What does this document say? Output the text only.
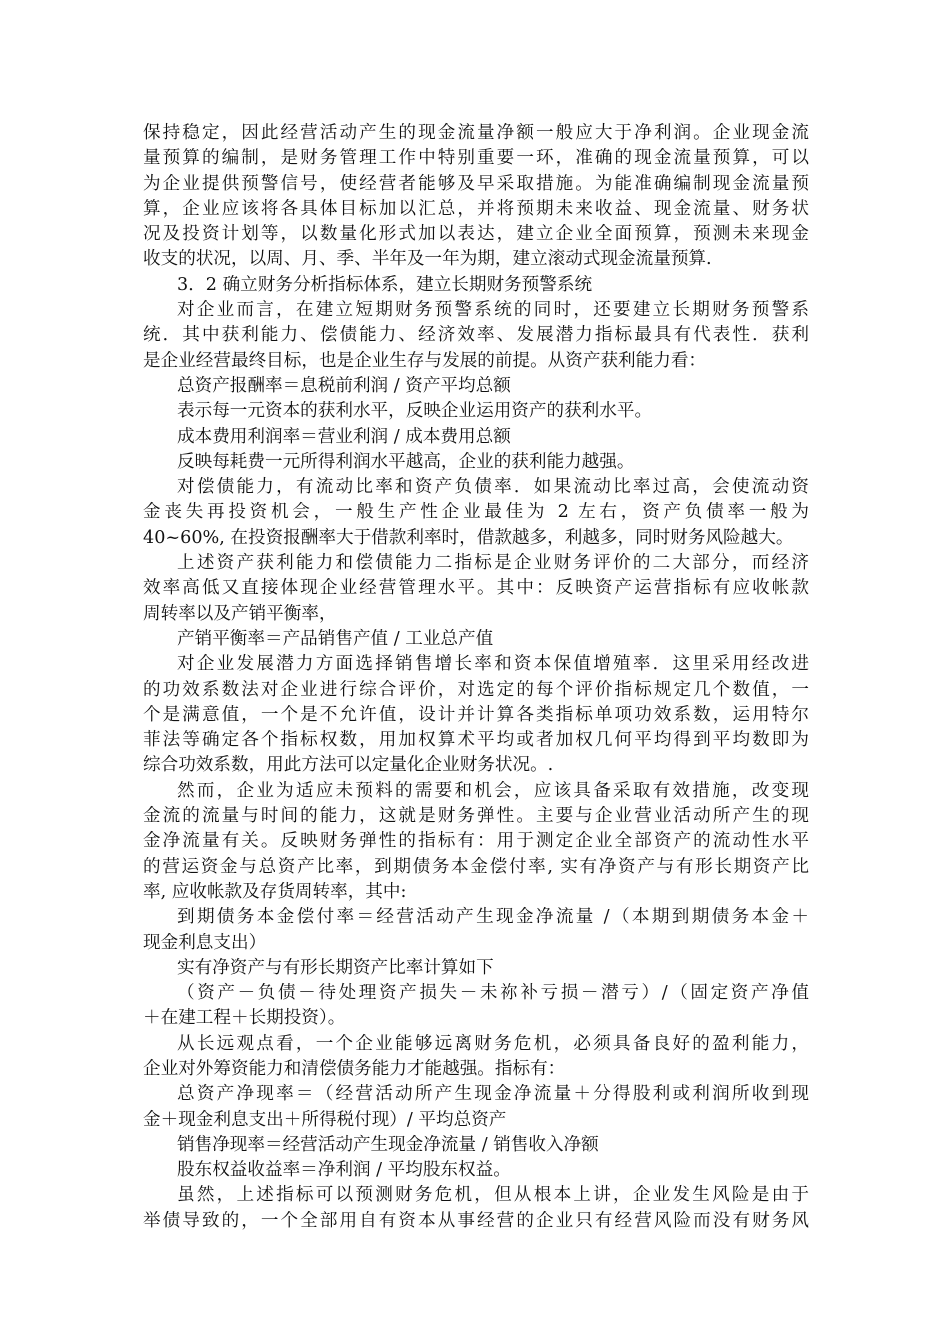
保持稳定，因此经营活动产生的现金流量净额一般应大于净利润。企业现金流
量预算的编制，是财务管理工作中特别重要一环，准确的现金流量预算，可以
为企业提供预警信号，使经营者能够及早采取措施。为能准确编制现金流量预
算，企业应该将各具体目标加以汇总，并将预期未来收益、现金流量、财务状
况及投资计划等，以数量化形式加以表达，建立企业全面预算，预测未来现金
收支的状况，以周、月、季、半年及一年为期，建立滚动式现金流量预算.

3．2 确立财务分析指标体系，建立长期财务预警系统

对企业而言，在建立短期财务预警系统的同时，还要建立长期财务预警系
统．其中获利能力、偿债能力、经济效率、发展潜力指标最具有代表性．获利
是企业经营最终目标，也是企业生存与发展的前提。从资产获利能力看：

总资产报酬率＝息税前利润 / 资产平均总额

表示每一元资本的获利水平，反映企业运用资产的获利水平。

成本费用利润率＝营业利润 / 成本费用总额

反映每耗费一元所得利润水平越高，企业的获利能力越强。

对偿债能力，有流动比率和资产负债率．如果流动比率过高，会使流动资
金丧失再投资机会，一般生产性企业最佳为 2 左右，资产负债率一般为
40~60%, 在投资报酬率大于借款利率时，借款越多，利越多，同时财务风险越大。

上述资产获利能力和偿债能力二指标是企业财务评价的二大部分，而经济
效率高低又直接体现企业经营管理水平。其中：反映资产运营指标有应收帐款
周转率以及产销平衡率，

产销平衡率＝产品销售产值 / 工业总产值

对企业发展潜力方面选择销售增长率和资本保值增殖率．这里采用经改进
的功效系数法对企业进行综合评价，对选定的每个评价指标规定几个数值，一
个是满意值，一个是不允许值，设计并计算各类指标单项功效系数，运用特尔
菲法等确定各个指标权数，用加权算术平均或者加权几何平均得到平均数即为
综合功效系数，用此方法可以定量化企业财务状况。.

然而，企业为适应未预料的需要和机会，应该具备采取有效措施，改变现
金流的流量与时间的能力，这就是财务弹性。主要与企业营业活动所产生的现
金净流量有关。反映财务弹性的指标有：用于测定企业全部资产的流动性水平
的营运资金与总资产比率，到期债务本金偿付率, 实有净资产与有形长期资产比
率, 应收帐款及存货周转率，其中:

到期债务本金偿付率＝经营活动产生现金净流量 /（本期到期债务本金＋
现金利息支出）

实有净资产与有形长期资产比率计算如下

（资产－负债－待处理资产损失－未祢补亏损－潜亏）/（固定资产净值
＋在建工程＋长期投资）。

从长远观点看，一个企业能够远离财务危机，必须具备良好的盈利能力，
企业对外筹资能力和清偿债务能力才能越强。指标有：

总资产净现率＝（经营活动所产生现金净流量＋分得股利或利润所收到现
金＋现金利息支出＋所得税付现）/ 平均总资产

销售净现率＝经营活动产生现金净流量 / 销售收入净额

股东权益收益率＝净利润 / 平均股东权益。

虽然，上述指标可以预测财务危机，但从根本上讲，企业发生风险是由于
举债导致的，一个全部用自有资本从事经营的企业只有经营风险而没有财务风
